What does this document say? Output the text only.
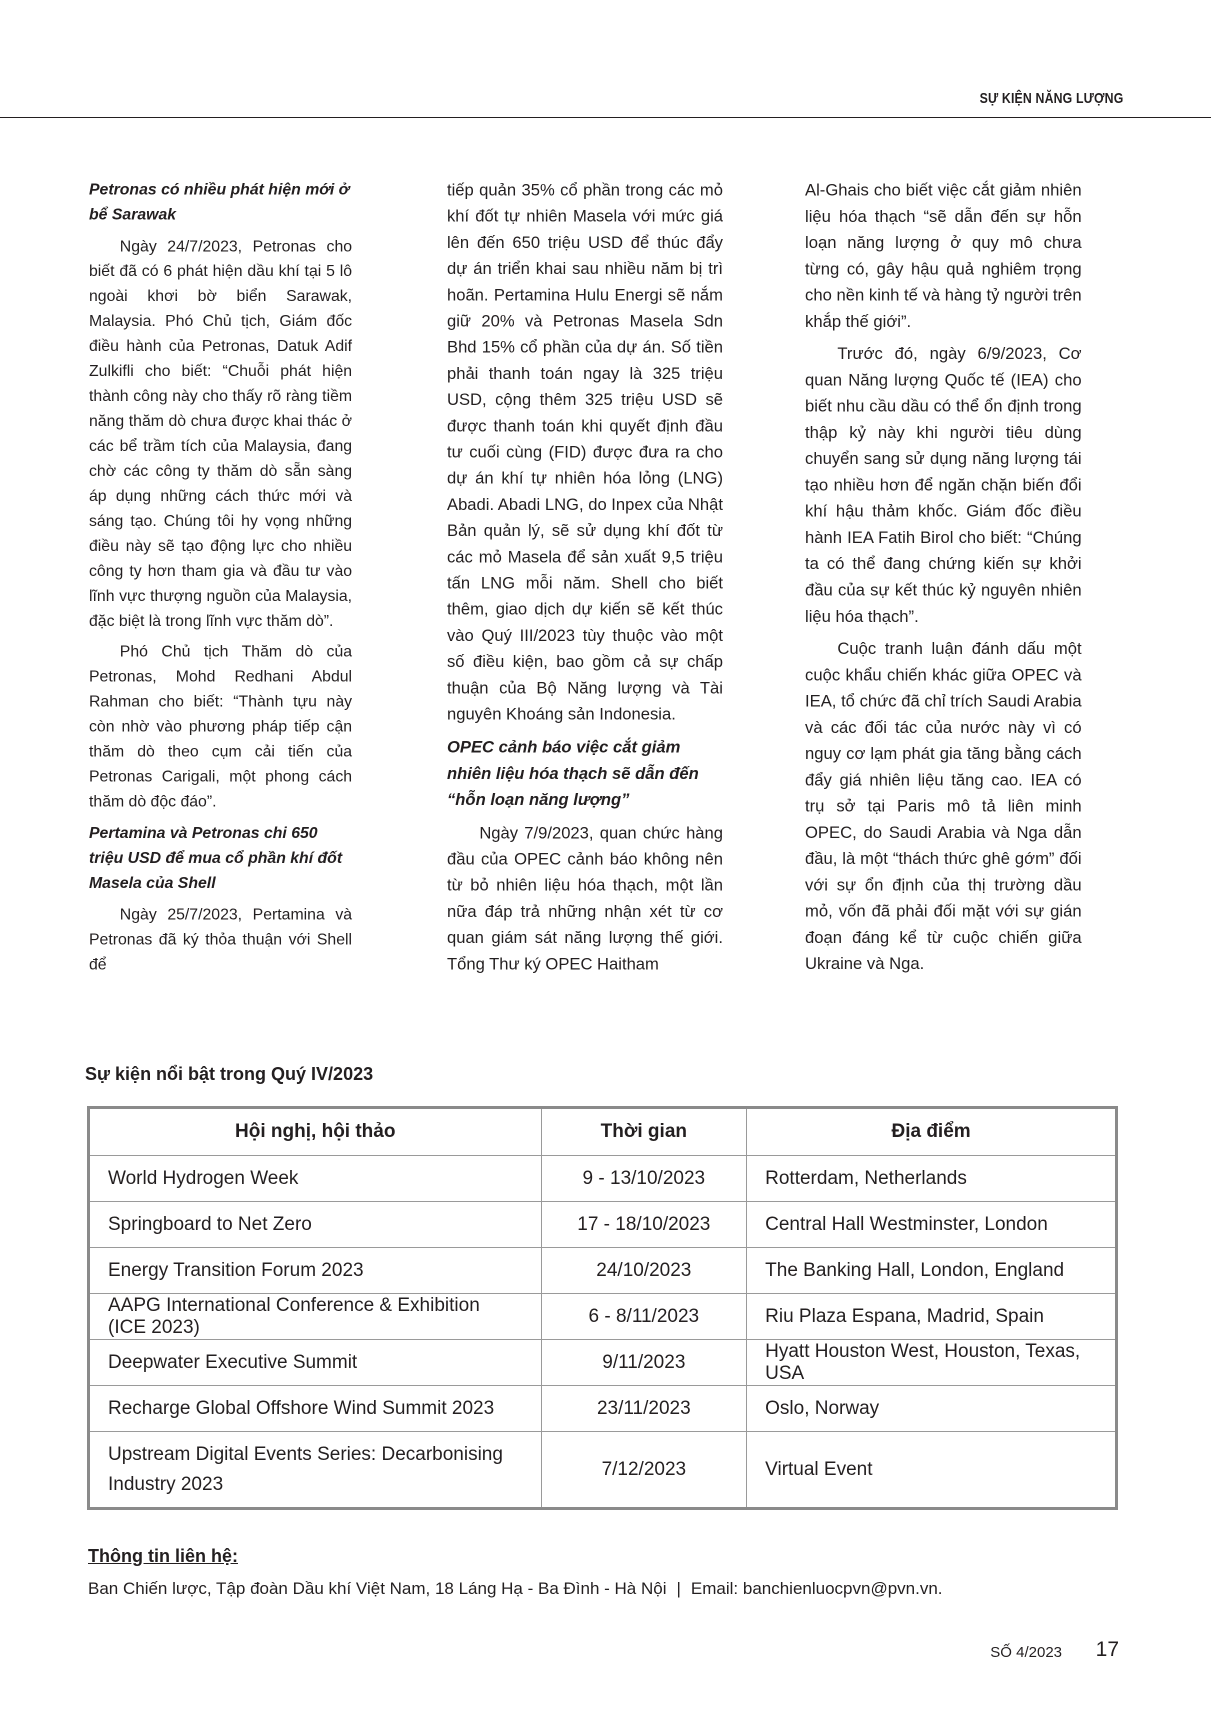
SỰ KIỆN NĂNG LƯỢNG
Petronas có nhiều phát hiện mới ở bể Sarawak

Ngày 24/7/2023, Petronas cho biết đã có 6 phát hiện dầu khí tại 5 lô ngoài khơi bờ biển Sarawak, Malaysia. Phó Chủ tịch, Giám đốc điều hành của Petronas, Datuk Adif Zulkifli cho biết: “Chuỗi phát hiện thành công này cho thấy rõ ràng tiềm năng thăm dò chưa được khai thác ở các bể trầm tích của Malaysia, đang chờ các công ty thăm dò sẵn sàng áp dụng những cách thức mới và sáng tạo. Chúng tôi hy vọng những điều này sẽ tạo động lực cho nhiều công ty hơn tham gia và đầu tư vào lĩnh vực thượng nguồn của Malaysia, đặc biệt là trong lĩnh vực thăm dò”.

Phó Chủ tịch Thăm dò của Petronas, Mohd Redhani Abdul Rahman cho biết: “Thành tựu này còn nhờ vào phương pháp tiếp cận thăm dò theo cụm cải tiến của Petronas Carigali, một phong cách thăm dò độc đáo”.

Pertamina và Petronas chi 650 triệu USD để mua cổ phần khí đốt Masela của Shell

Ngày 25/7/2023, Pertamina và Petronas đã ký thỏa thuận với Shell để

tiếp quản 35% cổ phần trong các mỏ khí đốt tự nhiên Masela với mức giá lên đến 650 triệu USD để thúc đẩy dự án triển khai sau nhiều năm bị trì hoãn. Pertamina Hulu Energi sẽ nắm giữ 20% và Petronas Masela Sdn Bhd 15% cổ phần của dự án. Số tiền phải thanh toán ngay là 325 triệu USD, cộng thêm 325 triệu USD sẽ được thanh toán khi quyết định đầu tư cuối cùng (FID) được đưa ra cho dự án khí tự nhiên hóa lỏng (LNG) Abadi. Abadi LNG, do Inpex của Nhật Bản quản lý, sẽ sử dụng khí đốt từ các mỏ Masela để sản xuất 9,5 triệu tấn LNG mỗi năm. Shell cho biết thêm, giao dịch dự kiến sẽ kết thúc vào Quý III/2023 tùy thuộc vào một số điều kiện, bao gồm cả sự chấp thuận của Bộ Năng lượng và Tài nguyên Khoáng sản Indonesia.

OPEC cảnh báo việc cắt giảm nhiên liệu hóa thạch sẽ dẫn đến “hỗn loạn năng lượng”

Ngày 7/9/2023, quan chức hàng đầu của OPEC cảnh báo không nên từ bỏ nhiên liệu hóa thạch, một lần nữa đáp trả những nhận xét từ cơ quan giám sát năng lượng thế giới. Tổng Thư ký OPEC Haitham

Al-Ghais cho biết việc cắt giảm nhiên liệu hóa thạch “sẽ dẫn đến sự hỗn loạn năng lượng ở quy mô chưa từng có, gây hậu quả nghiêm trọng cho nền kinh tế và hàng tỷ người trên khắp thế giới”.

Trước đó, ngày 6/9/2023, Cơ quan Năng lượng Quốc tế (IEA) cho biết nhu cầu dầu có thể ổn định trong thập kỷ này khi người tiêu dùng chuyển sang sử dụng năng lượng tái tạo nhiều hơn để ngăn chặn biến đổi khí hậu thảm khốc. Giám đốc điều hành IEA Fatih Birol cho biết: “Chúng ta có thể đang chứng kiến sự khởi đầu của sự kết thúc kỷ nguyên nhiên liệu hóa thạch”.

Cuộc tranh luận đánh dấu một cuộc khẩu chiến khác giữa OPEC và IEA, tổ chức đã chỉ trích Saudi Arabia và các đối tác của nước này vì có nguy cơ lạm phát gia tăng bằng cách đẩy giá nhiên liệu tăng cao. IEA có trụ sở tại Paris mô tả liên minh OPEC, do Saudi Arabia và Nga dẫn đầu, là một “thách thức ghê gớm” đối với sự ổn định của thị trường dầu mỏ, vốn đã phải đối mặt với sự gián đoạn đáng kể từ cuộc chiến giữa Ukraine và Nga.

Sự kiện nổi bật trong Quý IV/2023
Hội nghị, hội thảo	Thời gian	Địa điểm
World Hydrogen Week	9 - 13/10/2023	Rotterdam, Netherlands
Springboard to Net Zero	17 - 18/10/2023	Central Hall Westminster, London
Energy Transition Forum 2023	24/10/2023	The Banking Hall, London, England
AAPG International Conference & Exhibition (ICE 2023)	6 - 8/11/2023	Riu Plaza Espana, Madrid, Spain
Deepwater Executive Summit	9/11/2023	Hyatt Houston West, Houston, Texas, USA
Recharge Global Offshore Wind Summit 2023	23/11/2023	Oslo, Norway
Upstream Digital Events Series: Decarbonising Industry 2023	7/12/2023	Virtual Event
Thông tin liên hệ:
Ban Chiến lược, Tập đoàn Dầu khí Việt Nam, 18 Láng Hạ - Ba Đình - Hà Nội | Email: banchienluocpvn@pvn.vn.
SỐ 4/2023 17
